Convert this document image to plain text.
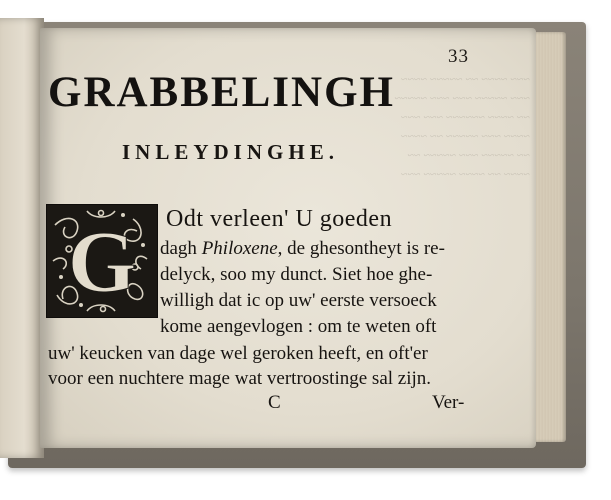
~~~ ~~~~ ~~ ~~~~~ ~~~~
~~~ ~~~~~ ~~~ ~~~ ~~~~~
~~ ~~~~ ~~~~~~ ~~~ ~~~
~~~~ ~~~ ~~~~~ ~~ ~~~~
~~ ~~~~~ ~~~ ~~~~~ ~~
~~~~ ~~ ~~~~ ~~~~~ ~~~
33
GRABBELINGH
INLEYDINGHE.
G Odt verleen' U goeden
dagh Philoxene, de ghesontheyt is re-
delyck, soo my dunct. Siet hoe ghe-
willigh dat ic op uw' eerste versoeck
kome aengevlogen : om te weten oft
uw' keucken van dage wel geroken heeft, en oft'er
voor een nuchtere mage wat vertroostinge sal zijn.
C	Ver-
